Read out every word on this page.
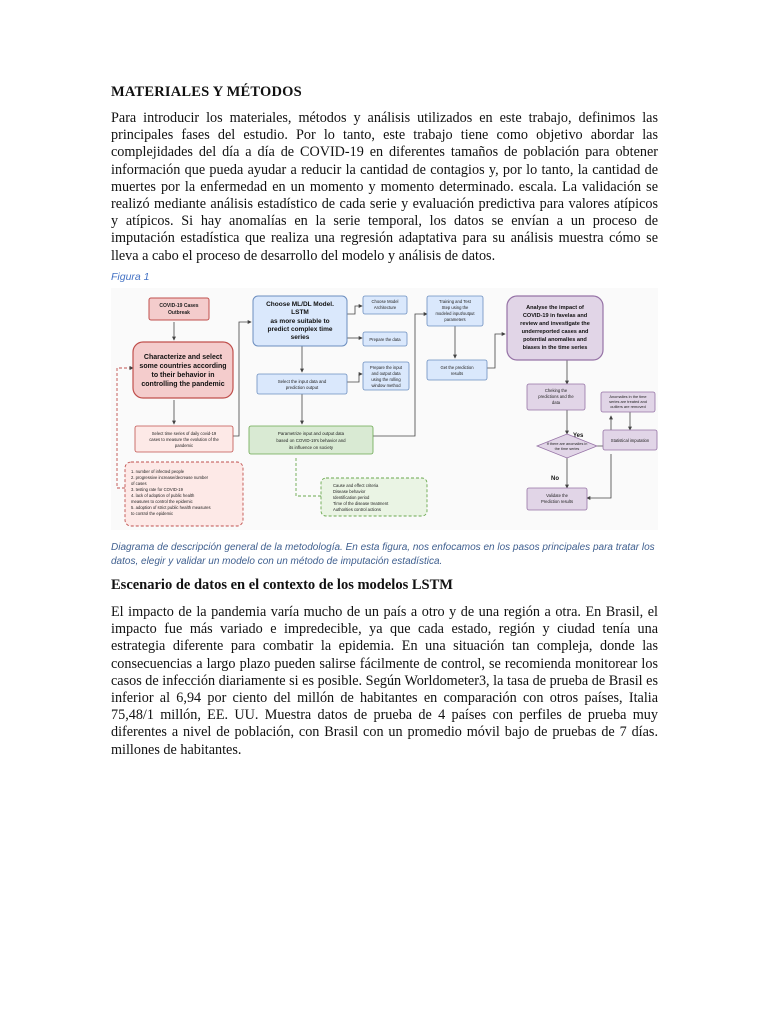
MATERIALES Y MÉTODOS

Para introducir los materiales, métodos y análisis utilizados en este trabajo, definimos las principales fases del estudio. Por lo tanto, este trabajo tiene como objetivo abordar las complejidades del día a día de COVID-19 en diferentes tamaños de población para obtener información que pueda ayudar a reducir la cantidad de contagios y, por lo tanto, la cantidad de muertes por la enfermedad en un momento y momento determinado. escala. La validación se realizó mediante análisis estadístico de cada serie y evaluación predictiva para valores atípicos y atípicos. Si hay anomalías en la serie temporal, los datos se envían a un proceso de imputación estadística que realiza una regresión adaptativa para su análisis muestra cómo se lleva a cabo el proceso de desarrollo del modelo y análisis de datos.

Figura 1
COVID-19 Cases
Outbreak
Characterize and select
some countries according
to their behavior in
controlling the pandemic
Select time series of daily covid-19
cases to measure the evolution of the
pandemic
1. number of infected people
2. progressive increase/decrease number
of cases
3. testing rate for COVID-19
4. lack of adoption of public health
measures to control the epidemic
5. adoption of strict public health measures
to control the epidemic
Choose ML/DL Model.
LSTM
as more suitable to
predict complex time
series
Select the input data and
prediction output
Parametrize input and output data
based on COVID-19's behavior and
its influence on society
Cause and effect criteria
Disease behavior
Identification period
Time of the disease treatment
Authorities control actions
Choose Model
Architecture
Prepare the data
Prepare the input
and output data
using the rolling
window method
Training and Test
Step using the
modeled input/output
parameters
Get the prediction
results
Analyse the impact of
COVID-19 in favelas and
review and investigate the
underreported cases and
potential anomalies and
biases in the time series
Cheking the
predictions and the
data
If there are anomalies in
the time series
Yes
No
Anomalies in the time
series are treated and
outliers are removed
Statistical imputation
Validate the
Prediction results

Diagrama de descripción general de la metodología. En esta figura, nos enfocamos en los pasos principales para tratar los datos, elegir y validar un modelo con un método de imputación estadística.

Escenario de datos en el contexto de los modelos LSTM

El impacto de la pandemia varía mucho de un país a otro y de una región a otra. En Brasil, el impacto fue más variado e impredecible, ya que cada estado, región y ciudad tenía una estrategia diferente para combatir la epidemia. En una situación tan compleja, donde las consecuencias a largo plazo pueden salirse fácilmente de control, se recomienda monitorear los casos de infección diariamente si es posible. Según Worldometer3, la tasa de prueba de Brasil es inferior al 6,94 por ciento del millón de habitantes en comparación con otros países, Italia 75,48/1 millón, EE. UU. Muestra datos de prueba de 4 países con perfiles de prueba muy diferentes a nivel de población, con Brasil con un promedio móvil bajo de pruebas de 7 días. millones de habitantes.
